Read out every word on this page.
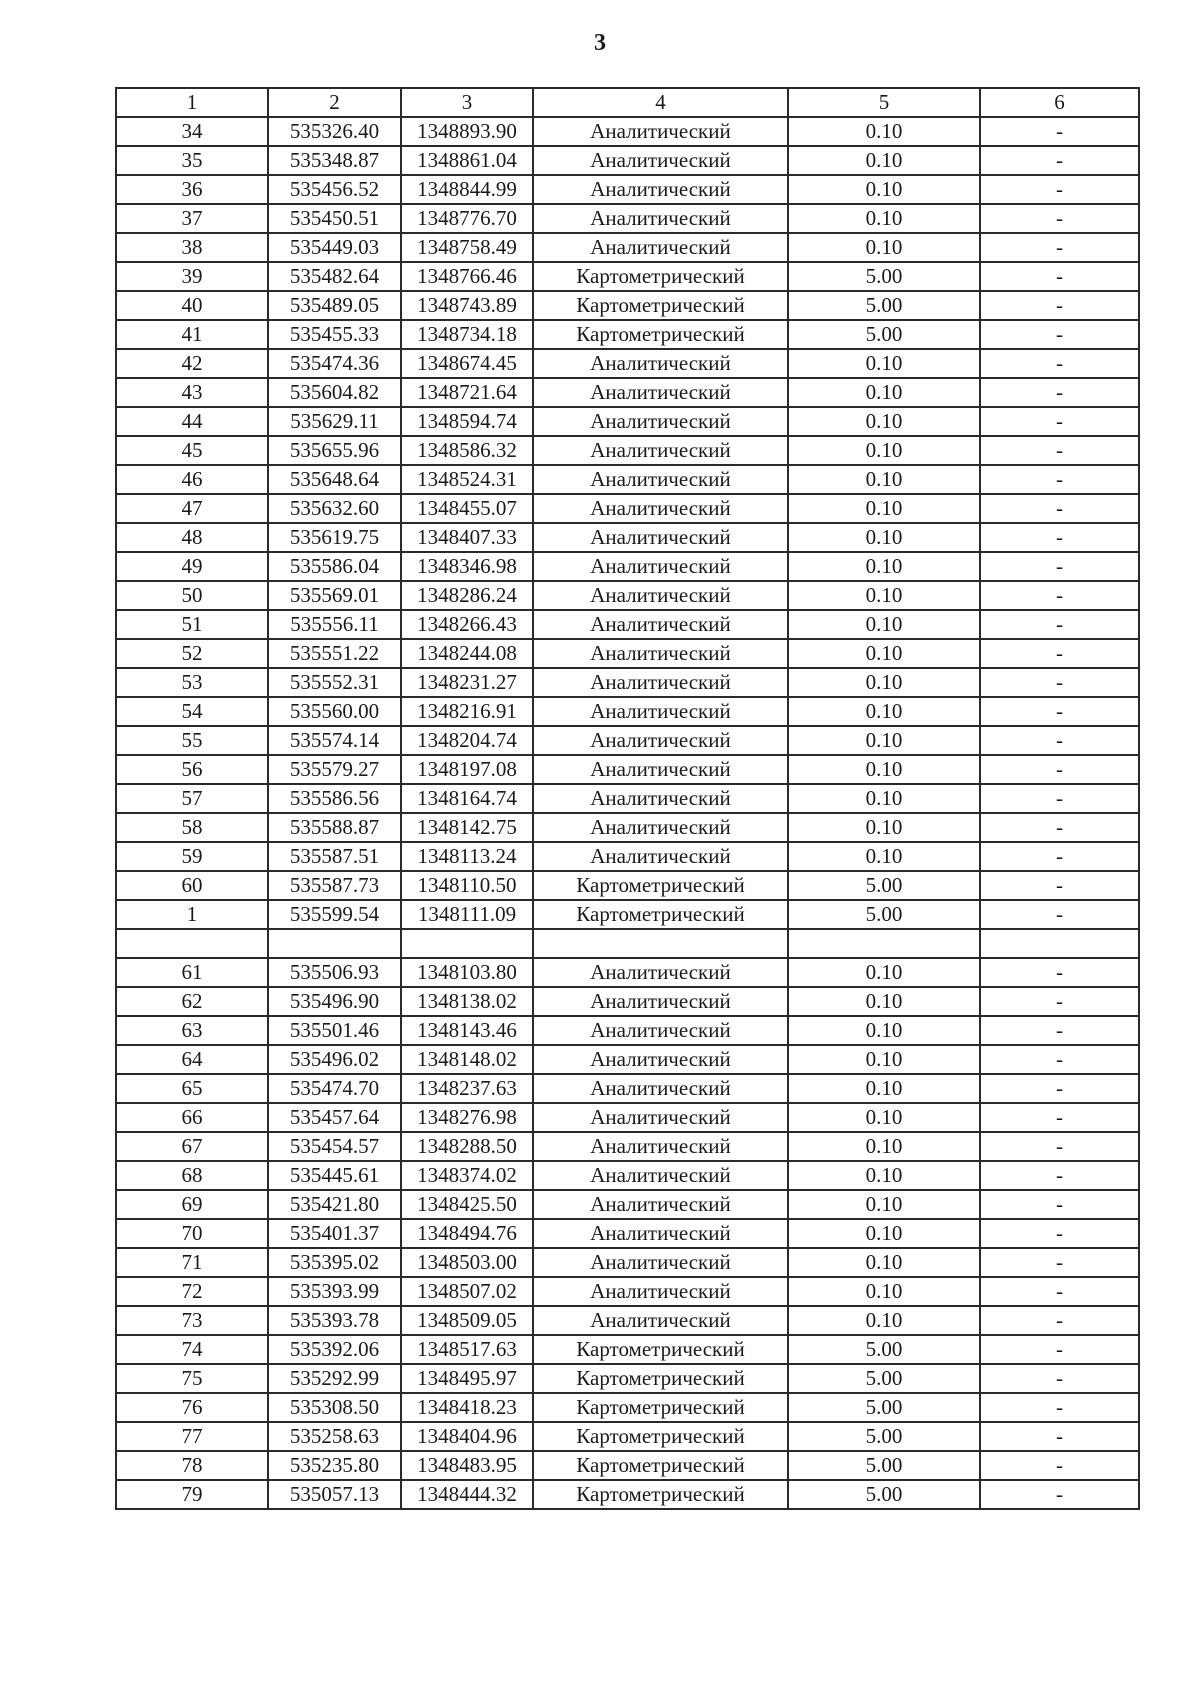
3
1	2	3	4	5	6
34	535326.40	1348893.90	Аналитический	0.10	-
35	535348.87	1348861.04	Аналитический	0.10	-
36	535456.52	1348844.99	Аналитический	0.10	-
37	535450.51	1348776.70	Аналитический	0.10	-
38	535449.03	1348758.49	Аналитический	0.10	-
39	535482.64	1348766.46	Картометрический	5.00	-
40	535489.05	1348743.89	Картометрический	5.00	-
41	535455.33	1348734.18	Картометрический	5.00	-
42	535474.36	1348674.45	Аналитический	0.10	-
43	535604.82	1348721.64	Аналитический	0.10	-
44	535629.11	1348594.74	Аналитический	0.10	-
45	535655.96	1348586.32	Аналитический	0.10	-
46	535648.64	1348524.31	Аналитический	0.10	-
47	535632.60	1348455.07	Аналитический	0.10	-
48	535619.75	1348407.33	Аналитический	0.10	-
49	535586.04	1348346.98	Аналитический	0.10	-
50	535569.01	1348286.24	Аналитический	0.10	-
51	535556.11	1348266.43	Аналитический	0.10	-
52	535551.22	1348244.08	Аналитический	0.10	-
53	535552.31	1348231.27	Аналитический	0.10	-
54	535560.00	1348216.91	Аналитический	0.10	-
55	535574.14	1348204.74	Аналитический	0.10	-
56	535579.27	1348197.08	Аналитический	0.10	-
57	535586.56	1348164.74	Аналитический	0.10	-
58	535588.87	1348142.75	Аналитический	0.10	-
59	535587.51	1348113.24	Аналитический	0.10	-
60	535587.73	1348110.50	Картометрический	5.00	-
1	535599.54	1348111.09	Картометрический	5.00	-

61	535506.93	1348103.80	Аналитический	0.10	-
62	535496.90	1348138.02	Аналитический	0.10	-
63	535501.46	1348143.46	Аналитический	0.10	-
64	535496.02	1348148.02	Аналитический	0.10	-
65	535474.70	1348237.63	Аналитический	0.10	-
66	535457.64	1348276.98	Аналитический	0.10	-
67	535454.57	1348288.50	Аналитический	0.10	-
68	535445.61	1348374.02	Аналитический	0.10	-
69	535421.80	1348425.50	Аналитический	0.10	-
70	535401.37	1348494.76	Аналитический	0.10	-
71	535395.02	1348503.00	Аналитический	0.10	-
72	535393.99	1348507.02	Аналитический	0.10	-
73	535393.78	1348509.05	Аналитический	0.10	-
74	535392.06	1348517.63	Картометрический	5.00	-
75	535292.99	1348495.97	Картометрический	5.00	-
76	535308.50	1348418.23	Картометрический	5.00	-
77	535258.63	1348404.96	Картометрический	5.00	-
78	535235.80	1348483.95	Картометрический	5.00	-
79	535057.13	1348444.32	Картометрический	5.00	-
